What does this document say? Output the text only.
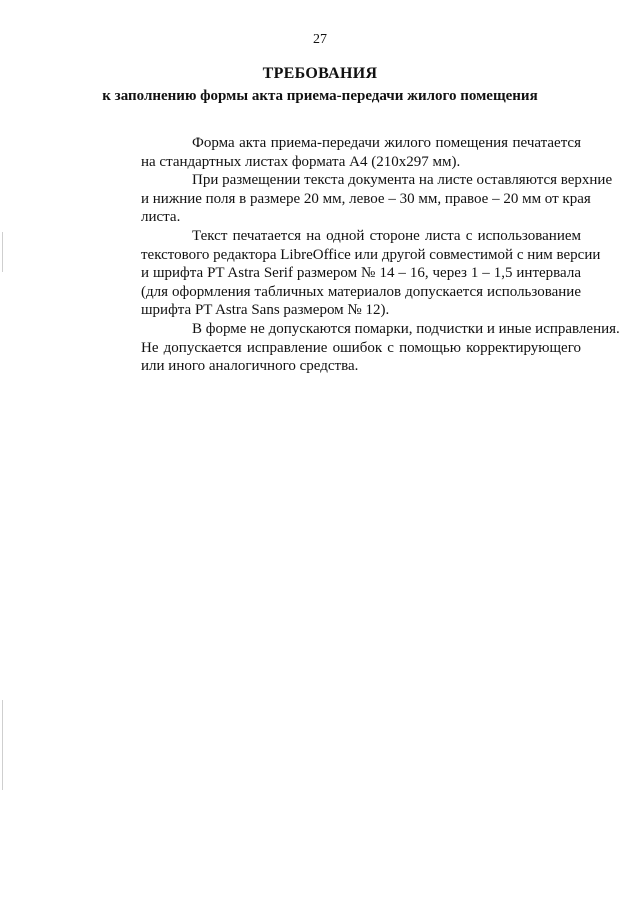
27
ТРЕБОВАНИЯ
к заполнению формы акта приема-передачи жилого помещения

Форма акта приема-передачи жилого помещения печатается
на стандартных листах формата А4 (210x297 мм).

При размещении текста документа на листе оставляются верхние
и нижние поля в размере 20 мм, левое – 30 мм, правое – 20 мм от края
листа.

Текст печатается на одной стороне листа с использованием
текстового редактора LibreOffice или другой совместимой с ним версии
и шрифта PT Astra Serif размером № 14 – 16, через 1 – 1,5 интервала
(для оформления табличных материалов допускается использование
шрифта PT Astra Sans размером № 12).

В форме не допускаются помарки, подчистки и иные исправления.
Не допускается исправление ошибок с помощью корректирующего
или иного аналогичного средства.
